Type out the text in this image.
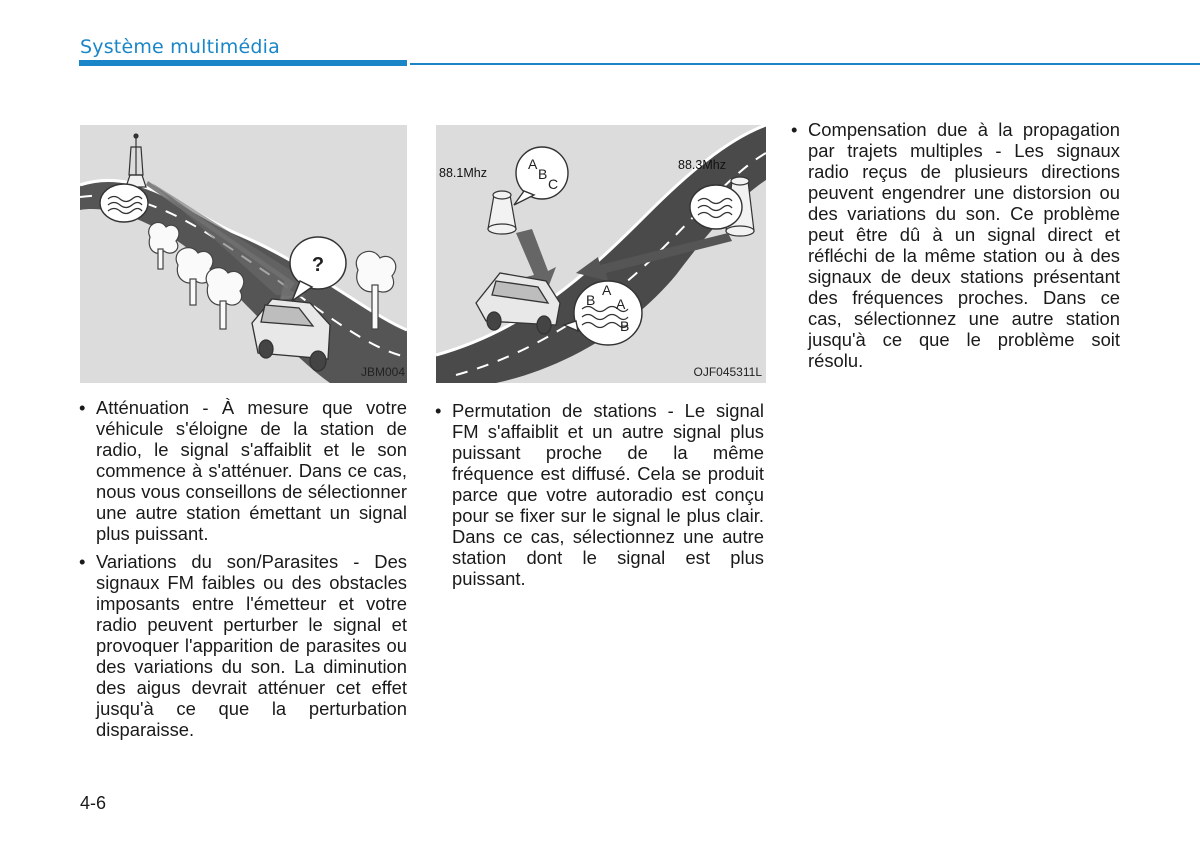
Système multimédia
?
JBM004
88.1Mhz
88.3Mhz
A
B
C
A
B A
B
OJF045311L

• Atténuation - À mesure que votre véhicule s'éloigne de la station de radio, le signal s'affaiblit et le son commence à s'atténuer. Dans ce cas, nous vous conseillons de sélectionner une autre station émettant un signal plus puissant.

• Variations du son/Parasites - Des signaux FM faibles ou des obstacles imposants entre l'émetteur et votre radio peuvent perturber le signal et provoquer l'apparition de parasites ou des variations du son. La diminution des aigus devrait atténuer cet effet jusqu'à ce que la perturbation disparaisse.

• Permutation de stations - Le signal FM s'affaiblit et un autre signal plus puissant proche de la même fréquence est diffusé. Cela se produit parce que votre autoradio est conçu pour se fixer sur le signal le plus clair. Dans ce cas, sélectionnez une autre station dont le signal est plus puissant.

• Compensation due à la propagation par trajets multiples - Les signaux radio reçus de plusieurs directions peuvent engendrer une distorsion ou des variations du son. Ce problème peut être dû à un signal direct et réfléchi de la même station ou à des signaux de deux stations présentant des fréquences proches. Dans ce cas, sélectionnez une autre station jusqu'à ce que le problème soit résolu.

4-6
